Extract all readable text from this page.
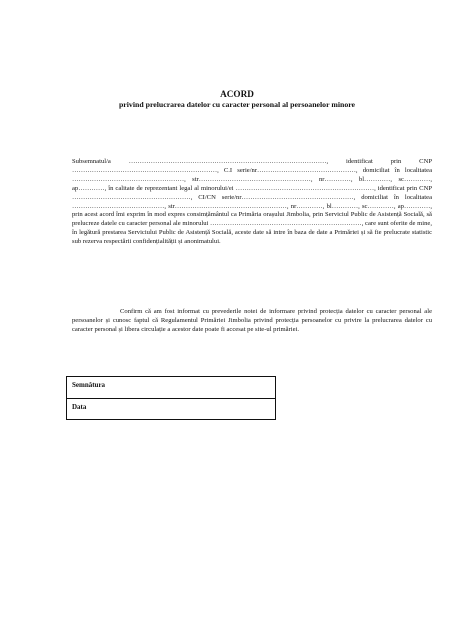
ACORD
privind prelucrarea datelor cu caracter personal al persoanelor minore
Subsemnatul/a ………………………………………………………………………………, identificat prin CNP …………………………………………………………, C.I serie/nr………………………………………, domiciliat în localitatea ……………………………………………, str……………………………………………, nr…………, bl…………, sc…………, ap…………, în calitate de reprezentant legal al minorului/ei ………………………………………………………, identificat prin CNP ………………………………………………, CI/CN serie/nr……………………………………………, domiciliat în localitatea ……………………………………, str……………………………………………, nr…………, bl…………, sc…………, ap…………, prin acest acord îmi exprim în mod expres consimțământul ca Primăria orașului Jimbolia, prin Serviciul Public de Asistență Socială, să prelucreze datele cu caracter personal ale minorului ……………………………………………………………, care sunt oferite de mine, în legătură prestarea Serviciului Public de Asistență Socială, aceste date să intre în baza de date a Primăriei și să fie prelucrate statistic sub rezerva respectării confidențialității și anonimatului.
Confirm că am fost informat cu prevederile notei de informare privind protecția datelor cu caracter personal ale persoanelor și cunosc faptul că Regulamentul Primăriei Jimbolia privind protecția persoanelor cu privire la prelucrarea datelor cu caracter personal și libera circulație a acestor date poate fi accesat pe site-ul primăriei.
Semnătura
Data
